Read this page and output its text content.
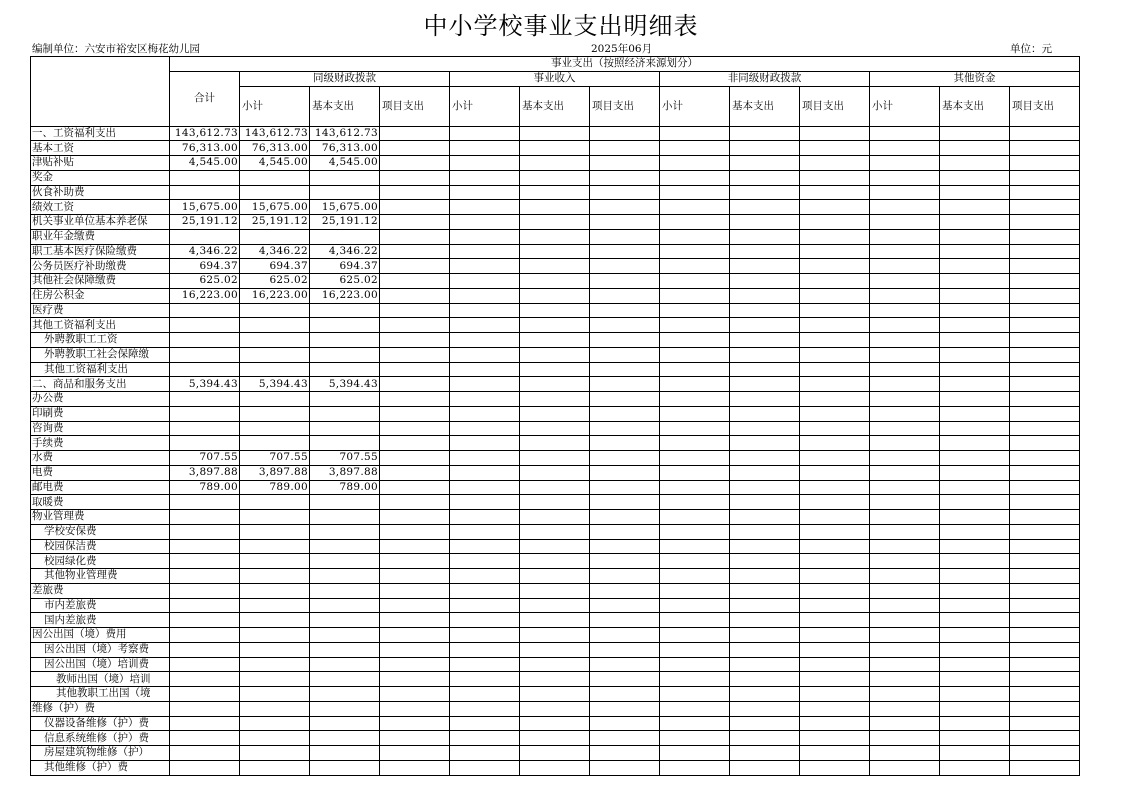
中小学校事业支出明细表
编制单位：六安市裕安区梅花幼儿园	2025年06月	单位：元
	事业支出（按照经济来源划分）												
	合计	同级财政拨款			事业收入			非同级财政拨款			其他资金		
		小计	基本支出	项目支出	小计	基本支出	项目支出	小计	基本支出	项目支出	小计	基本支出	项目支出

一、工资福利支出	143,612.73	143,612.73	143,612.73										
基本工资	76,313.00	76,313.00	76,313.00										
津贴补贴	4,545.00	4,545.00	4,545.00										
奖金													
伙食补助费													
绩效工资	15,675.00	15,675.00	15,675.00										
机关事业单位基本养老保	25,191.12	25,191.12	25,191.12										
职业年金缴费													
职工基本医疗保险缴费	4,346.22	4,346.22	4,346.22										
公务员医疗补助缴费	694.37	694.37	694.37										
其他社会保障缴费	625.02	625.02	625.02										
住房公积金	16,223.00	16,223.00	16,223.00										
医疗费													
其他工资福利支出													
外聘教职工工资													
外聘教职工社会保障缴													
其他工资福利支出													
二、商品和服务支出	5,394.43	5,394.43	5,394.43										
办公费													
印刷费													
咨询费													
手续费													
水费	707.55	707.55	707.55										
电费	3,897.88	3,897.88	3,897.88										
邮电费	789.00	789.00	789.00										
取暖费													
物业管理费													
学校安保费													
校园保洁费													
校园绿化费													
其他物业管理费													
差旅费													
市内差旅费													
国内差旅费													
因公出国（境）费用													
因公出国（境）考察费													
因公出国（境）培训费													
教师出国（境）培训													
其他教职工出国（境													
维修（护）费													
仪器设备维修（护）费													
信息系统维修（护）费													
房屋建筑物维修（护）													
其他维修（护）费													
